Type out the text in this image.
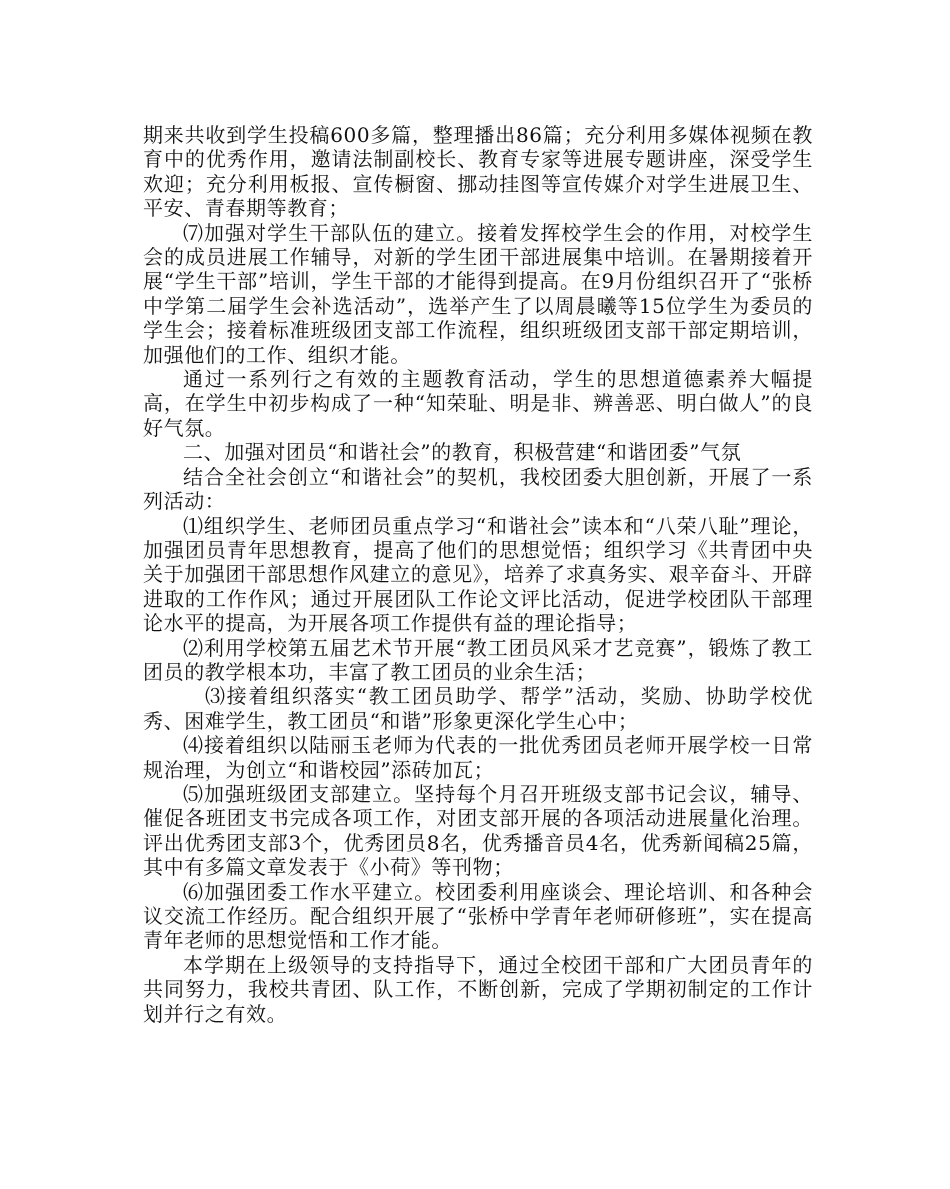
期来共收到学生投稿600多篇，整理播出86篇；充分利用多媒体视频在教育中的优秀作用，邀请法制副校长、教育专家等进展专题讲座，深受学生欢迎；充分利用板报、宣传橱窗、挪动挂图等宣传媒介对学生进展卫生、平安、青春期等教育；

⑺加强对学生干部队伍的建立。接着发挥校学生会的作用，对校学生会的成员进展工作辅导，对新的学生团干部进展集中培训。在暑期接着开展“学生干部”培训，学生干部的才能得到提高。在9月份组织召开了“张桥中学第二届学生会补选活动”，选举产生了以周晨曦等15位学生为委员的学生会；接着标准班级团支部工作流程，组织班级团支部干部定期培训，加强他们的工作、组织才能。

通过一系列行之有效的主题教育活动，学生的思想道德素养大幅提高，在学生中初步构成了一种“知荣耻、明是非、辨善恶、明白做人”的良好气氛。

二、加强对团员“和谐社会”的教育，积极营建“和谐团委”气氛

结合全社会创立“和谐社会”的契机，我校团委大胆创新，开展了一系列活动：

⑴组织学生、老师团员重点学习“和谐社会”读本和“八荣八耻”理论，加强团员青年思想教育，提高了他们的思想觉悟；组织学习《共青团中央关于加强团干部思想作风建立的意见》，培养了求真务实、艰辛奋斗、开辟进取的工作作风；通过开展团队工作论文评比活动，促进学校团队干部理论水平的提高，为开展各项工作提供有益的理论指导；

⑵利用学校第五届艺术节开展“教工团员风采才艺竞赛”，锻炼了教工团员的教学根本功，丰富了教工团员的业余生活；

⑶接着组织落实“教工团员助学、帮学”活动，奖励、协助学校优秀、困难学生，教工团员“和谐”形象更深化学生心中；

⑷接着组织以陆丽玉老师为代表的一批优秀团员老师开展学校一日常规治理，为创立“和谐校园”添砖加瓦；

⑸加强班级团支部建立。坚持每个月召开班级支部书记会议，辅导、催促各班团支书完成各项工作，对团支部开展的各项活动进展量化治理。评出优秀团支部3个，优秀团员8名，优秀播音员4名，优秀新闻稿25篇，其中有多篇文章发表于《小荷》等刊物；

⑹加强团委工作水平建立。校团委利用座谈会、理论培训、和各种会议交流工作经历。配合组织开展了“张桥中学青年老师研修班”，实在提高青年老师的思想觉悟和工作才能。

本学期在上级领导的支持指导下，通过全校团干部和广大团员青年的共同努力，我校共青团、队工作，不断创新，完成了学期初制定的工作计划并行之有效。
